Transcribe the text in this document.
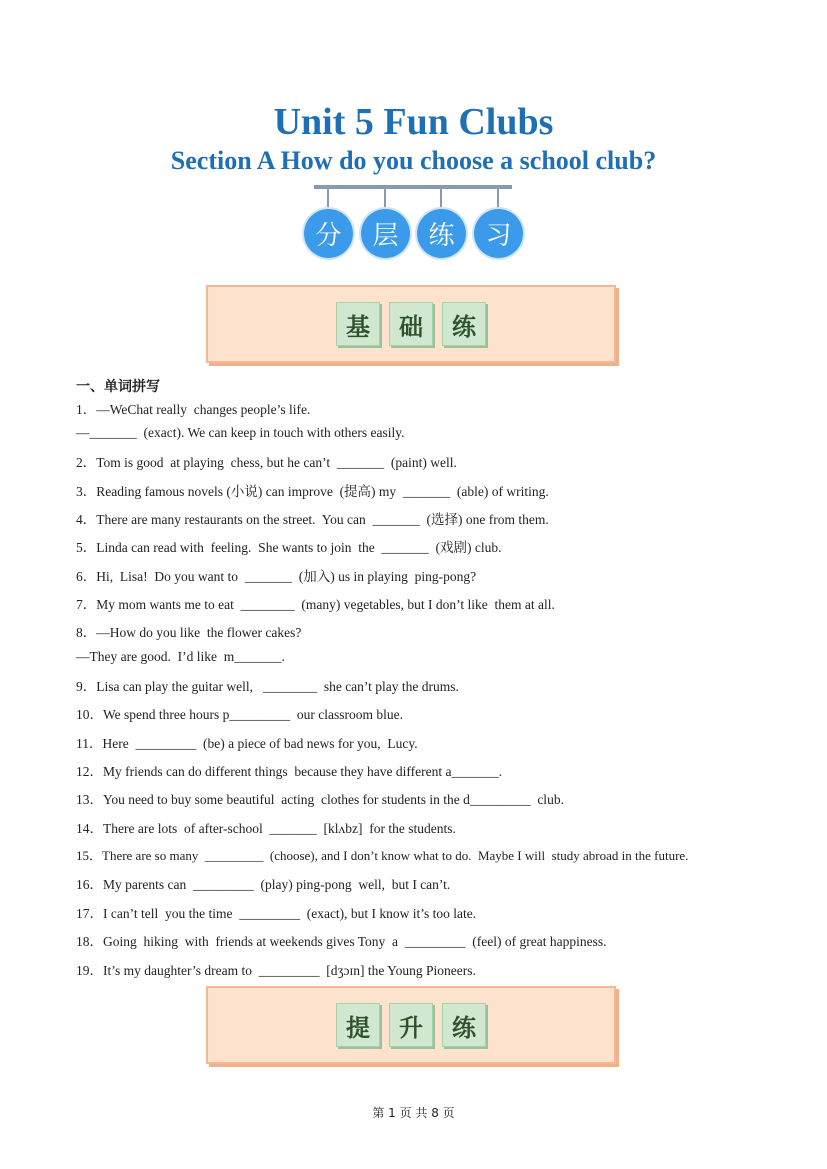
Unit 5 Fun Clubs
Section A How do you choose a school club?
分	层	练	习
基	础	练
一、单词拼写
1．—WeChat really  changes people’s life.
—_______  (exact). We can keep in touch with others easily.
2．Tom is good  at playing  chess, but he can’t  _______  (paint) well.
3．Reading famous novels (小说) can improve  (提高) my  _______  (able) of writing.
4．There are many restaurants on the street.  You can  _______  (选择) one from them.
5．Linda can read with  feeling.  She wants to join  the  _______  (戏剧) club.
6．Hi,  Lisa!  Do you want to  _______  (加入) us in playing  ping-pong?
7．My mom wants me to eat  ________  (many) vegetables, but I don’t like  them at all.
8．—How do you like  the flower cakes?
—They are good.  I’d like  m_______.
9．Lisa can play the guitar well,   ________  she can’t play the drums.
10．We spend three hours p_________  our classroom blue.
11．Here  _________  (be) a piece of bad news for you,  Lucy.
12．My friends can do different things  because they have different a_______.
13．You need to buy some beautiful  acting  clothes for students in the d_________  club.
14．There are lots  of after-school  _______  [klʌbz]  for the students.
15．There are so many  _________  (choose), and I don’t know what to do.  Maybe I will  study abroad in the future.
16．My parents can  _________  (play) ping-pong  well,  but I can’t.
17．I can’t tell  you the time  _________  (exact), but I know it’s too late.
18．Going  hiking  with  friends at weekends gives Tony  a  _________  (feel) of great happiness.
19．It’s my daughter’s dream to  _________  [dʒɔɪn] the Young Pioneers.
提	升	练
第 1 页 共 8 页
